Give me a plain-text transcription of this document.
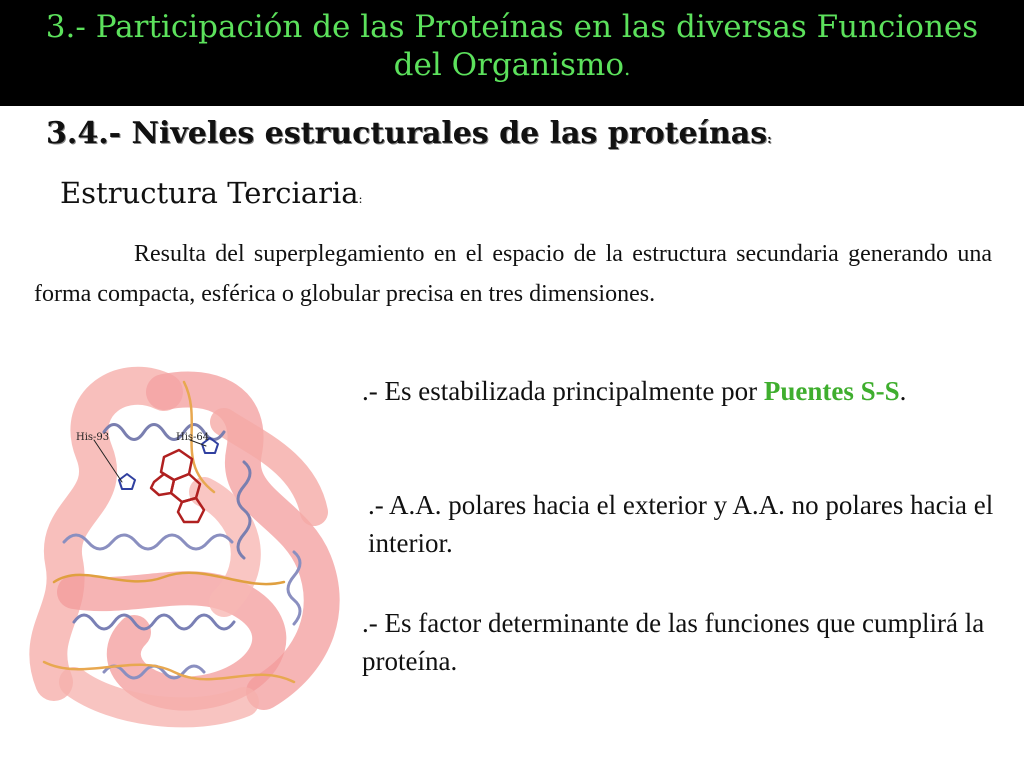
3.- Participación de las Proteínas en las diversas Funciones
del Organismo.
3.4.- Niveles estructurales de las proteínas:
Estructura Terciaria:
Resulta del superplegamiento en el espacio de la estructura secundaria generando una forma compacta, esférica o globular precisa en tres dimensiones.
His-93	His-64
.- Es estabilizada principalmente por Puentes S-S.
.- A.A. polares hacia el exterior y A.A. no polares hacia el interior.
.- Es factor determinante de las funciones que cumplirá la proteína.
